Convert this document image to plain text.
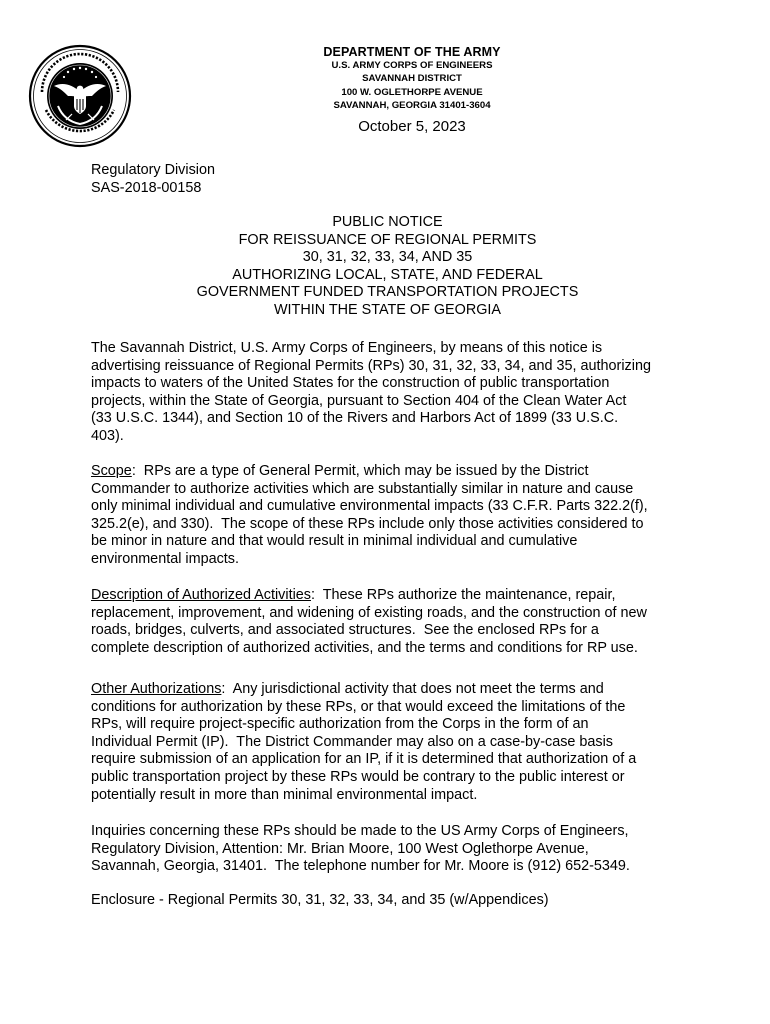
DEPARTMENT OF THE ARMY
U.S. ARMY CORPS OF ENGINEERS
SAVANNAH DISTRICT
100 W. OGLETHORPE AVENUE
SAVANNAH, GEORGIA 31401-3604
October 5, 2023
Regulatory Division
SAS-2018-00158
PUBLIC NOTICE
FOR REISSUANCE OF REGIONAL PERMITS
30, 31, 32, 33, 34, AND 35
AUTHORIZING LOCAL, STATE, AND FEDERAL
GOVERNMENT FUNDED TRANSPORTATION PROJECTS
WITHIN THE STATE OF GEORGIA
The Savannah District, U.S. Army Corps of Engineers, by means of this notice is
advertising reissuance of Regional Permits (RPs) 30, 31, 32, 33, 34, and 35, authorizing
impacts to waters of the United States for the construction of public transportation
projects, within the State of Georgia, pursuant to Section 404 of the Clean Water Act
(33 U.S.C. 1344), and Section 10 of the Rivers and Harbors Act of 1899 (33 U.S.C.
403).
Scope:  RPs are a type of General Permit, which may be issued by the District
Commander to authorize activities which are substantially similar in nature and cause
only minimal individual and cumulative environmental impacts (33 C.F.R. Parts 322.2(f),
325.2(e), and 330).  The scope of these RPs include only those activities considered to
be minor in nature and that would result in minimal individual and cumulative
environmental impacts.
Description of Authorized Activities:  These RPs authorize the maintenance, repair,
replacement, improvement, and widening of existing roads, and the construction of new
roads, bridges, culverts, and associated structures.  See the enclosed RPs for a
complete description of authorized activities, and the terms and conditions for RP use.
Other Authorizations:  Any jurisdictional activity that does not meet the terms and
conditions for authorization by these RPs, or that would exceed the limitations of the
RPs, will require project-specific authorization from the Corps in the form of an
Individual Permit (IP).  The District Commander may also on a case-by-case basis
require submission of an application for an IP, if it is determined that authorization of a
public transportation project by these RPs would be contrary to the public interest or
potentially result in more than minimal environmental impact.
Inquiries concerning these RPs should be made to the US Army Corps of Engineers,
Regulatory Division, Attention: Mr. Brian Moore, 100 West Oglethorpe Avenue,
Savannah, Georgia, 31401.  The telephone number for Mr. Moore is (912) 652-5349.
Enclosure - Regional Permits 30, 31, 32, 33, 34, and 35 (w/Appendices)
